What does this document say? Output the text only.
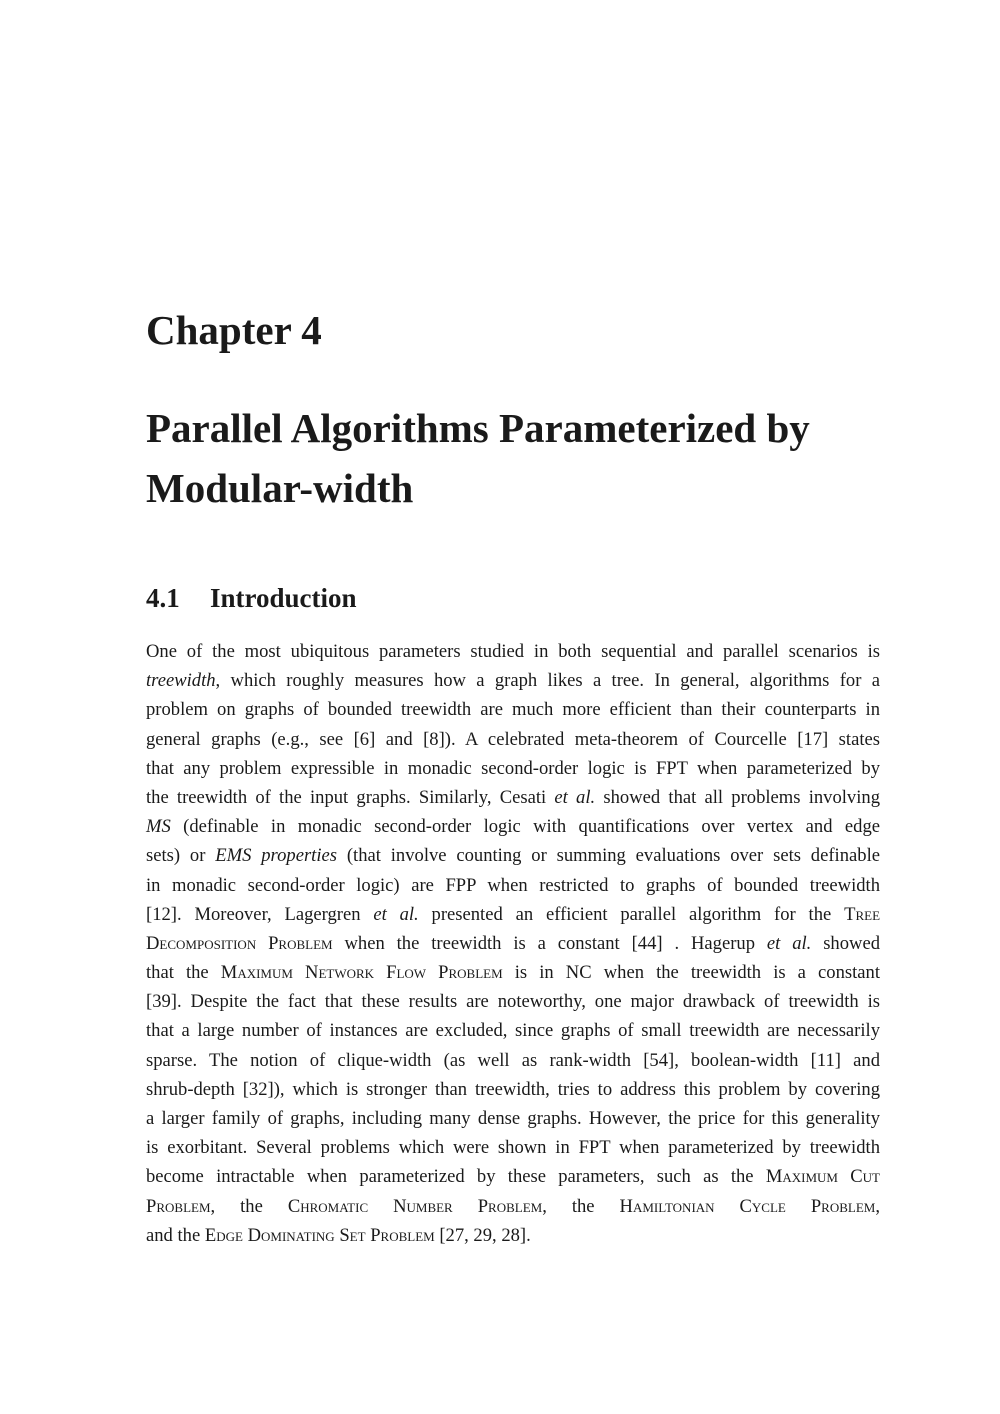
Chapter 4
Parallel Algorithms Parameterized by Modular-width
4.1 Introduction
One of the most ubiquitous parameters studied in both sequential and parallel scenarios is
treewidth, which roughly measures how a graph likes a tree. In general, algorithms for a
problem on graphs of bounded treewidth are much more efficient than their counterparts in
general graphs (e.g., see [6] and [8]). A celebrated meta-theorem of Courcelle [17] states
that any problem expressible in monadic second-order logic is FPT when parameterized by
the treewidth of the input graphs. Similarly, Cesati et al. showed that all problems involving
MS (definable in monadic second-order logic with quantifications over vertex and edge
sets) or EMS properties (that involve counting or summing evaluations over sets definable
in monadic second-order logic) are FPP when restricted to graphs of bounded treewidth
[12]. Moreover, Lagergren et al. presented an efficient parallel algorithm for the Tree
Decomposition Problem when the treewidth is a constant [44] . Hagerup et al. showed
that the Maximum Network Flow Problem is in NC when the treewidth is a constant
[39]. Despite the fact that these results are noteworthy, one major drawback of treewidth is
that a large number of instances are excluded, since graphs of small treewidth are necessarily
sparse. The notion of clique-width (as well as rank-width [54], boolean-width [11] and
shrub-depth [32]), which is stronger than treewidth, tries to address this problem by covering
a larger family of graphs, including many dense graphs. However, the price for this generality
is exorbitant. Several problems which were shown in FPT when parameterized by treewidth
become intractable when parameterized by these parameters, such as the Maximum Cut
Problem, the Chromatic Number Problem, the Hamiltonian Cycle Problem,
and the Edge Dominating Set Problem [27, 29, 28].
